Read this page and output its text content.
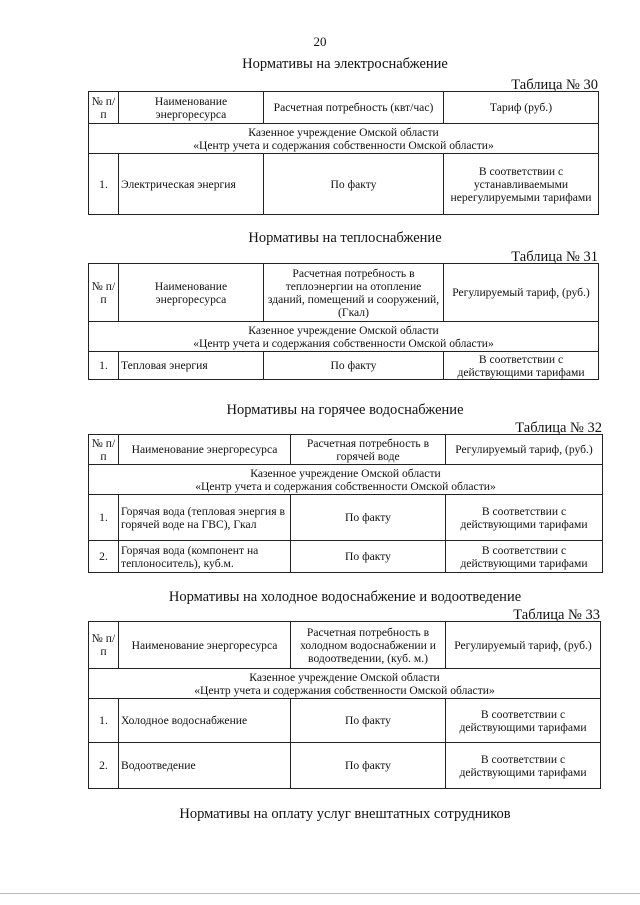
20
Нормативы на электроснабжение
Таблица № 30
№ п/п	Наименование энергоресурса	Расчетная потребность (квт/час)	Тариф (руб.)
Казенное учреждение Омской области
«Центр учета и содержания собственности Омской области»			
1.	Электрическая энергия	По факту	В соответствии с устанавливаемыми нерегулируемыми тарифами
Нормативы на теплоснабжение
Таблица № 31
№ п/п	Наименование энергоресурса	Расчетная потребность в теплоэнергии на отопление зданий, помещений и сооружений, (Гкал)	Регулируемый тариф, (руб.)
Казенное учреждение Омской области
«Центр учета и содержания собственности Омской области»			
1.	Тепловая энергия	По факту	В соответствии с действующими тарифами
Нормативы на горячее водоснабжение
Таблица № 32
№ п/п	Наименование энергоресурса	Расчетная потребность в горячей воде	Регулируемый тариф, (руб.)
Казенное учреждение Омской области
«Центр учета и содержания собственности Омской области»			
1.	Горячая вода (тепловая энергия в горячей воде на ГВС), Гкал	По факту	В соответствии с действующими тарифами
2.	Горячая вода (компонент на теплоноситель), куб.м.	По факту	В соответствии с действующими тарифами
Нормативы на холодное водоснабжение и водоотведение
Таблица № 33
№ п/п	Наименование энергоресурса	Расчетная потребность в холодном водоснабжении и водоотведении, (куб. м.)	Регулируемый тариф, (руб.)
Казенное учреждение Омской области
«Центр учета и содержания собственности Омской области»			
1.	Холодное водоснабжение	По факту	В соответствии с действующими тарифами
2.	Водоотведение	По факту	В соответствии с действующими тарифами
Нормативы на оплату услуг внештатных сотрудников
